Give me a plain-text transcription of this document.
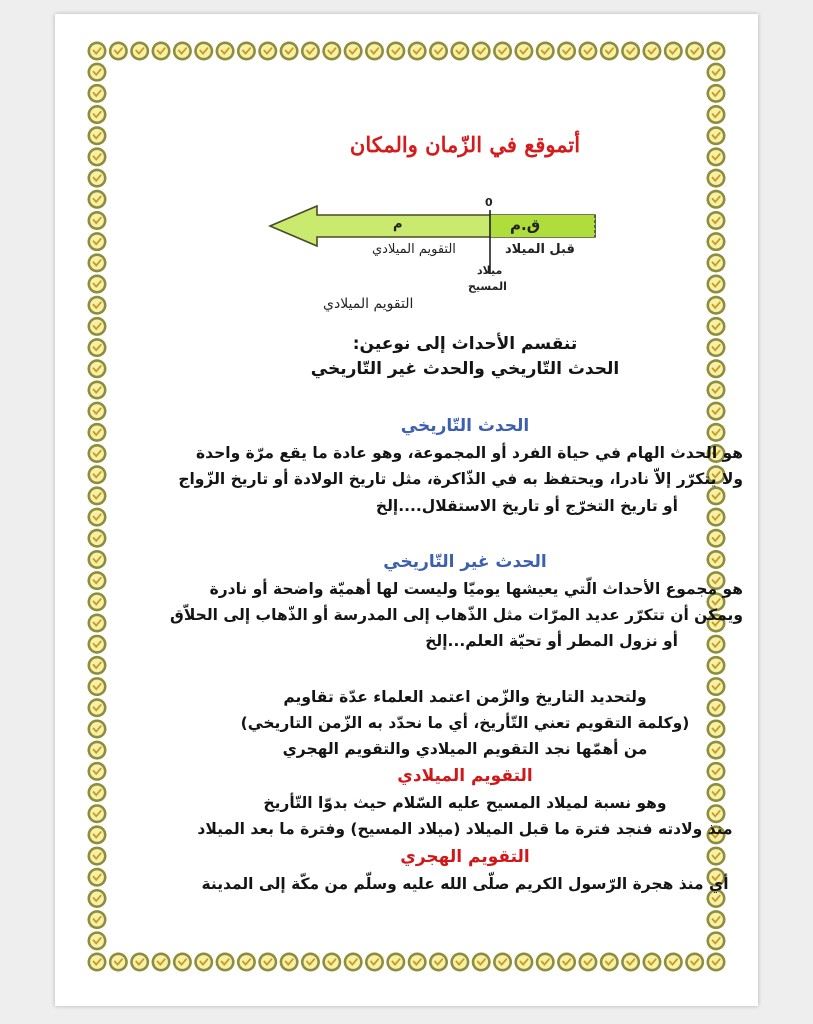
أتموقع في الزّمان والمكان
0
ق.م
م
قبل الميلاد
التقويم الميلادي
ميلاد
المسيح
التقويم الميلادي
تنقسم الأحداث إلى نوعين:
الحدث التّاريخي والحدث غير التّاريخي
الحدث التّاريخي
هو الحدث الهام في حياة الفرد أو المجموعة، وهو عادة ما يقع مرّة واحدة
ولا يتكرّر إلاّ نادرا، ويحتفظ به في الذّاكرة، مثل تاريخ الولادة أو تاريخ الزّواج
أو تاريخ التخرّج أو تاريخ الاستقلال....إلخ
الحدث غير التّاريخي
هو مجموع الأحداث الّتي يعيشها يوميّا وليست لها أهميّة واضحة أو نادرة
ويمكن أن تتكرّر عديد المرّات مثل الذّهاب إلى المدرسة أو الذّهاب إلى الحلاّق
أو نزول المطر أو تحيّة العلم...إلخ
ولتحديد التاريخ والزّمن اعتمد العلماء عدّة تقاويم
(وكلمة التقويم تعني التّأريخ، أي ما نحدّد به الزّمن التاريخي)
من أهمّها نجد التقويم الميلادي والتقويم الهجري
التقويم الميلادي
وهو نسبة لميلاد المسيح عليه السّلام حيث بدوّا التّأريخ
منذ ولادته فنجد فترة ما قبل الميلاد (ميلاد المسيح) وفترة ما بعد الميلاد
التقويم الهجري
أي منذ هجرة الرّسول الكريم صلّى الله عليه وسلّم من مكّة إلى المدينة
